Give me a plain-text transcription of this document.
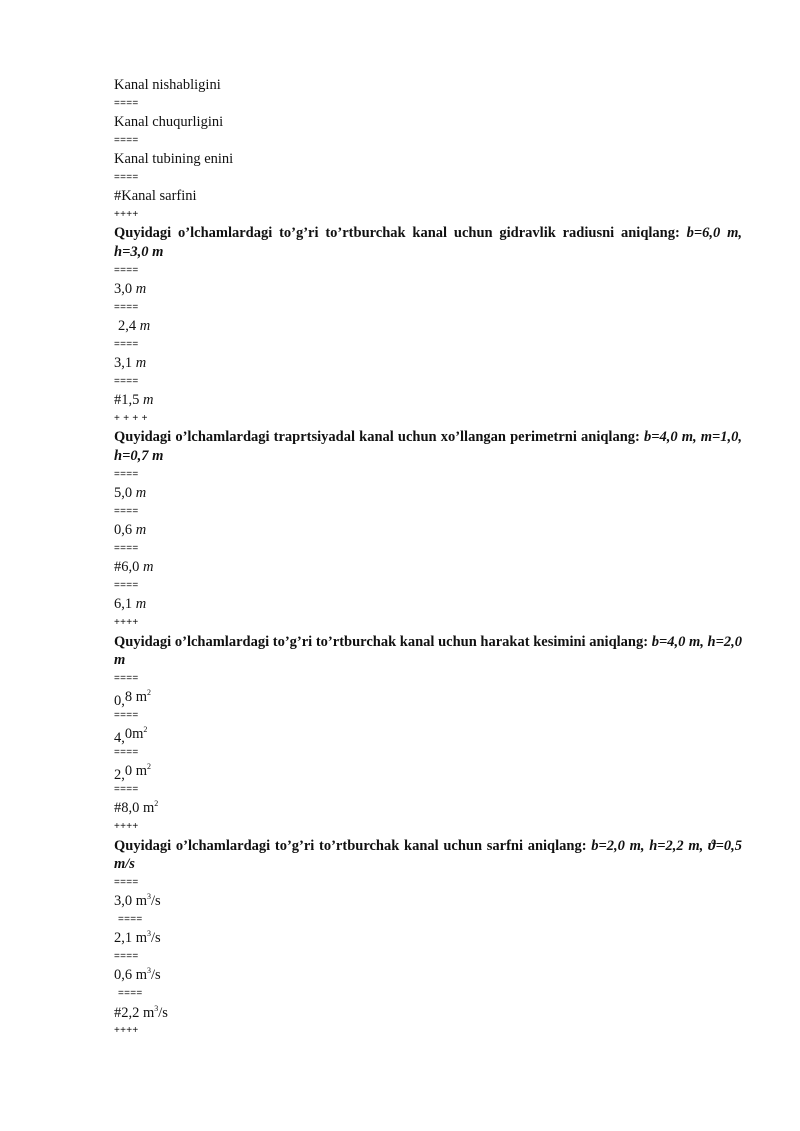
Kanal nishabligini
====
Kanal chuqurligini
====
Kanal tubining enini
====
#Kanal sarfini
++++
Quyidagi o’lchamlardagi to’g’ri to’rtburchak kanal uchun gidravlik radiusni aniqlang: b=6,0 m, h=3,0 m
====
3,0 m
====
2,4 m
====
3,1 m
====
#1,5 m
+ + + +
Quyidagi o’lchamlardagi traprtsiyadal kanal uchun xo’llangan perimetrni aniqlang: b=4,0 m, m=1,0, h=0,7 m
====
5,0 m
====
0,6 m
====
#6,0 m
====
6,1 m
++++
Quyidagi o’lchamlardagi to’g’ri to’rtburchak kanal uchun harakat kesimini aniqlang: b=4,0 m, h=2,0 m
====
0,8 $m^2$
====
$4,0m^2$
====
2,0 $m^2$
====
#8,0 $m^2$
++++
Quyidagi o’lchamlardagi to’g’ri to’rtburchak kanal uchun sarfni aniqlang: b=2,0 m, h=2,2 m, ϑ=0,5 m/s
====
3,0 $m^3/s$
====
2,1 $m^3/s$
====
0,6 $m^3/s$
====
#2,2 $m^3/s$
++++
